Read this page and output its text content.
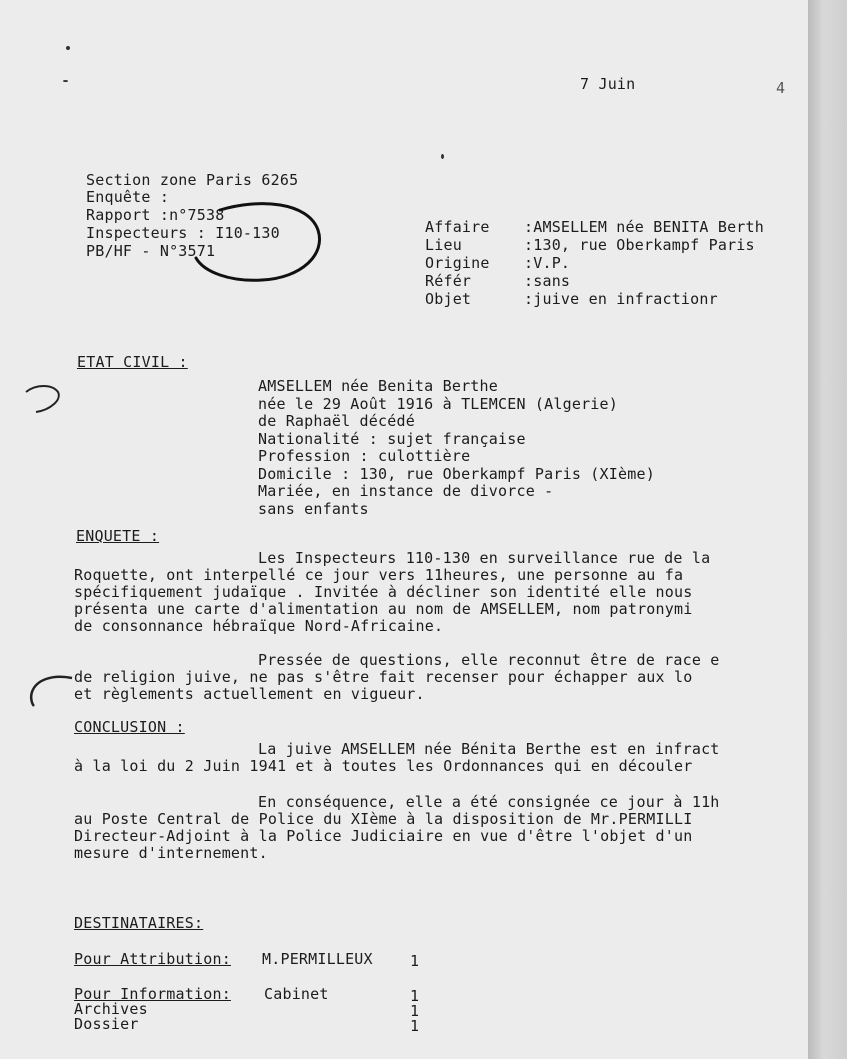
7 Juin	4
Section zone Paris 6265
Enquête :
Rapport :n°7538
Inspecteurs : I10-130
PB/HF - N°3571
Affaire :AMSELLEM née BENITA Berth
Lieu	:130, rue Oberkampf Paris
Origine :V.P.
Référ	:sans
Objet	:juive en infractionr
ETAT CIVIL :
AMSELLEM née Benita Berthe
née le 29 Août 1916 à TLEMCEN (Algerie)
de Raphaël décédé
Nationalité : sujet française
Profession : culottière
Domicile : 130, rue Oberkampf Paris (XIème)
Mariée, en instance de divorce -
sans enfants
ENQUETE :
Les Inspecteurs 110-130 en surveillance rue de la
Roquette, ont interpellé ce jour vers 11heures, une personne au fa
spécifiquement judaïque . Invitée à décliner son identité elle nous
présenta une carte d'alimentation au nom de AMSELLEM, nom patronymi
de consonnance hébraïque Nord-Africaine.
Pressée de questions, elle reconnut être de race e
de religion juive, ne pas s'être fait recenser pour échapper aux lo
et règlements actuellement en vigueur.
CONCLUSION :
La juive AMSELLEM née Bénita Berthe est en infract
à la loi du 2 Juin 1941 et à toutes les Ordonnances qui en découler
En conséquence, elle a été consignée ce jour à 11h
au Poste Central de Police du XIème à la disposition de Mr.PERMILLI
Directeur-Adjoint à la Police Judiciaire en vue d'être l'objet d'un
mesure d'internement.
DESTINATAIRES:
Pour Attribution: M.PERMILLEUX 1
Pour Information: Cabinet	1
Archives	1
Dossier	1
